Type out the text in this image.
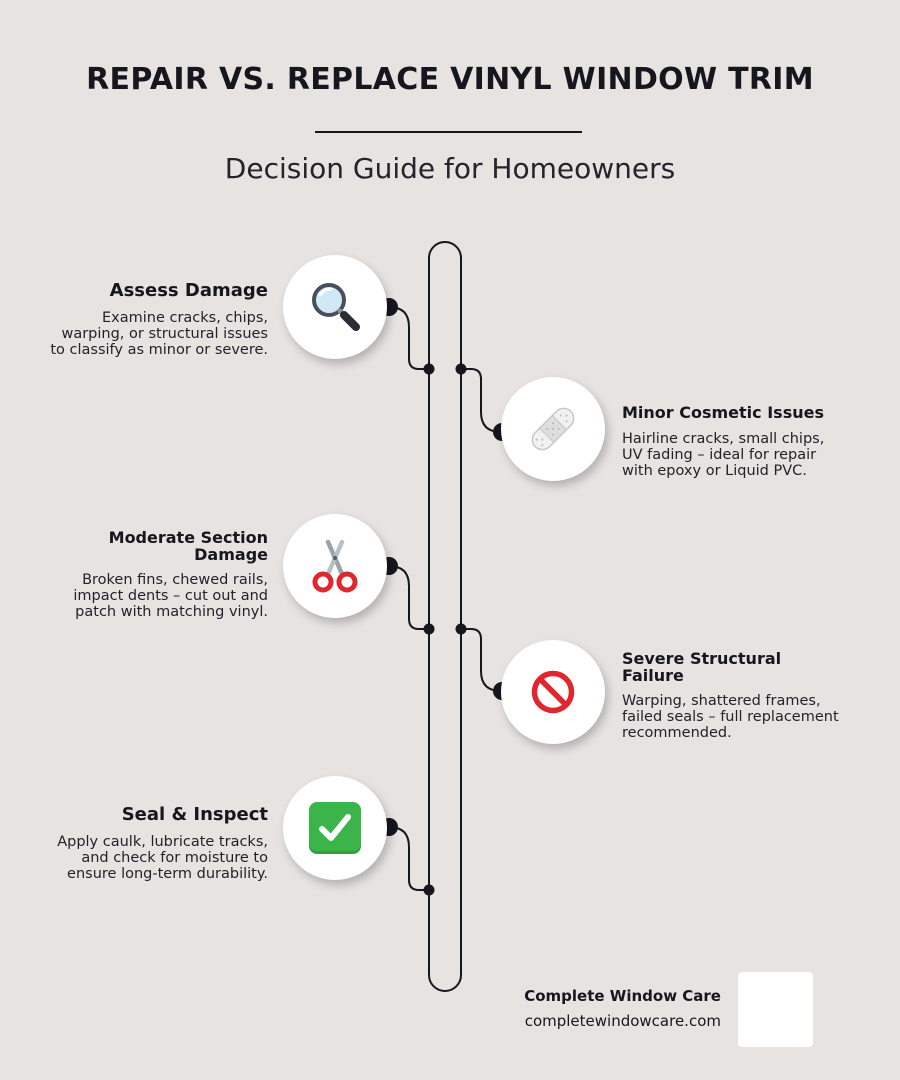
REPAIR VS. REPLACE VINYL WINDOW TRIM
Decision Guide for Homeowners

Assess Damage

Examine cracks, chips, warping, or structural issues to classify as minor or severe.

Minor Cosmetic Issues

Hairline cracks, small chips, UV fading – ideal for repair with epoxy or Liquid PVC.

Moderate Section Damage

Broken fins, chewed rails, impact dents – cut out and patch with matching vinyl.

Severe Structural Failure

Warping, shattered frames, failed seals – full replacement recommended.

Seal & Inspect

Apply caulk, lubricate tracks, and check for moisture to ensure long-term durability.

Complete Window Care
completewindowcare.com
